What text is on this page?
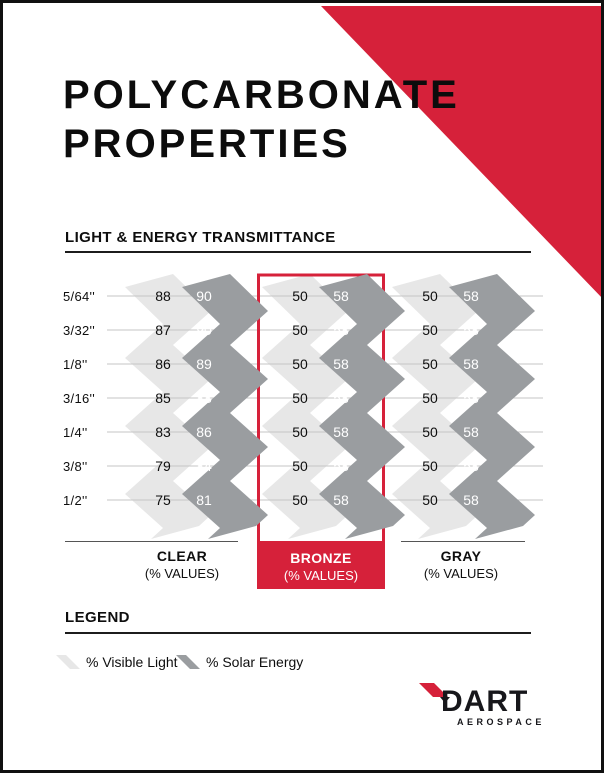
POLYCARBONATE
PROPERTIES
LIGHT & ENERGY TRANSMITTANCE
5/64''	88	90	50	58	50	58
3/32''	87	90	50	58	50	58
1/8''	86	89	50	58	50	58
3/16''	85	88	50	58	50	58
1/4''	83	86	50	58	50	58
3/8''	79	84	50	58	50	58
1/2''	75	81	50	58	50	58
CLEAR
(% VALUES)
BRONZE
(% VALUES)
GRAY
(% VALUES)
LEGEND
% Visible Light % Solar Energy
DART
AEROSPACE
